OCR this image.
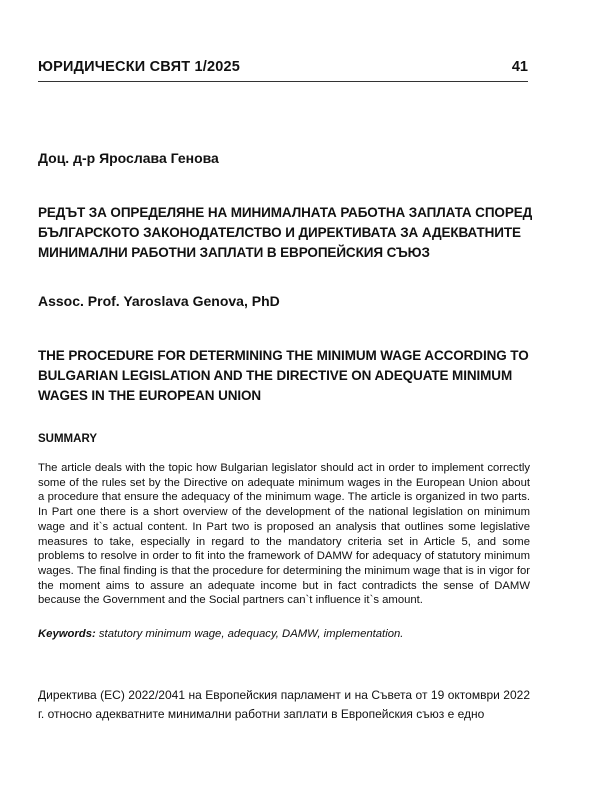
ЮРИДИЧЕСКИ СВЯТ 1/2025	41
Доц. д-р Ярослава Генова
РЕДЪТ ЗА ОПРЕДЕЛЯНЕ НА МИНИМАЛНАТА РАБОТНА ЗАПЛАТА СПОРЕД БЪЛГАРСКОТО ЗАКОНОДАТЕЛСТВО И ДИРЕКТИВАТА ЗА АДЕКВАТНИТЕ МИНИМАЛНИ РАБОТНИ ЗАПЛАТИ В ЕВРОПЕЙСКИЯ СЪЮЗ
Assoc. Prof. Yaroslava Genova, PhD
THE PROCEDURE FOR DETERMINING THE MINIMUM WAGE ACCORDING TO BULGARIAN LEGISLATION AND THE DIRECTIVE ON ADEQUATE MINIMUM WAGES IN THE EUROPEAN UNION
SUMMARY

The article deals with the topic how Bulgarian legislator should act in order to implement correctly some of the rules set by the Directive on adequate minimum wages in the European Union about a procedure that ensure the adequacy of the minimum wage. The article is organized in two parts. In Part one there is a short overview of the development of the national legislation on minimum wage and it`s actual content. In Part two is proposed an analysis that outlines some legislative measures to take, especially in regard to the mandatory criteria set in Article 5, and some problems to resolve in order to fit into the framework of DAMW for adequacy of statutory minimum wages. The final finding is that the procedure for determining the minimum wage that is in vigor for the moment aims to assure an adequate income but in fact contradicts the sense of DAMW because the Government and the Social partners can`t influence it`s amount.

Keywords: statutory minimum wage, adequacy, DAMW, implementation.

Директива (ЕС) 2022/2041 на Европейския парламент и на Съвета от 19 октомври 2022 г. относно адекватните минимални работни заплати в Европейския съюз е едно
